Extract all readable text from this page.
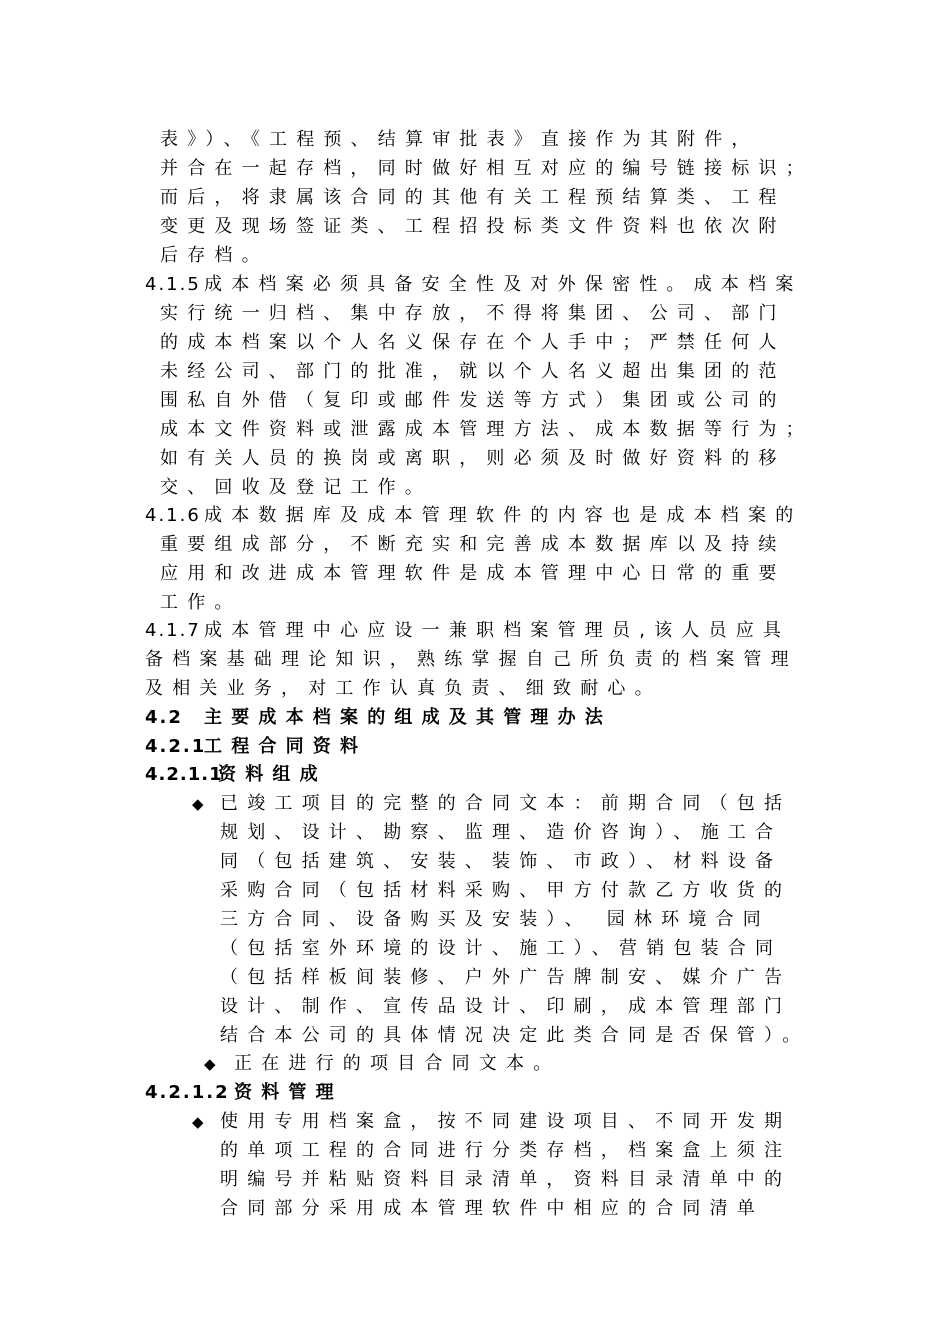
表》）、《工程预、结算审批表》直接作为其附件，
并合在一起存档，同时做好相互对应的编号链接标识；
而后，将隶属该合同的其他有关工程预结算类、工程
变更及现场签证类、工程招投标类文件资料也依次附
后存档。
4.1.5 成本档案必须具备安全性及对外保密性。成本档案
实行统一归档、集中存放，不得将集团、公司、部门
的成本档案以个人名义保存在个人手中；严禁任何人
未经公司、部门的批准，就以个人名义超出集团的范
围私自外借（复印或邮件发送等方式）集团或公司的
成本文件资料或泄露成本管理方法、成本数据等行为；
如有关人员的换岗或离职，则必须及时做好资料的移
交、回收及登记工作。
4.1.6 成本数据库及成本管理软件的内容也是成本档案的
重要组成部分，不断充实和完善成本数据库以及持续
应用和改进成本管理软件是成本管理中心日常的重要
工作。
4.1.7 成本管理中心应设一兼职档案管理员,该人员应具
备档案基础理论知识，熟练掌握自己所负责的档案管理
及相关业务，对工作认真负责、细致耐心。
4.2 主要成本档案的组成及其管理办法
4.2.1
工程合同资料
4.2.1.1
资料组成
◆ 已竣工项目的完整的合同文本：前期合同（包括
规划、设计、勘察、监理、造价咨询）、施工合
同（包括建筑、安装、装饰、市政）、材料设备
采购合同（包括材料采购、甲方付款乙方收货的
三方合同、设备购买及安装）、 园林环境合同
（包括室外环境的设计、施工）、营销包装合同
（包括样板间装修、户外广告牌制安、媒介广告
设计、制作、宣传品设计、印刷，成本管理部门
结合本公司的具体情况决定此类合同是否保管）。
◆ 正在进行的项目合同文本。
4.2.1.2 资料管理
◆ 使用专用档案盒，按不同建设项目、不同开发期
的单项工程的合同进行分类存档，档案盒上须注
明编号并粘贴资料目录清单，资料目录清单中的
合同部分采用成本管理软件中相应的合同清单
